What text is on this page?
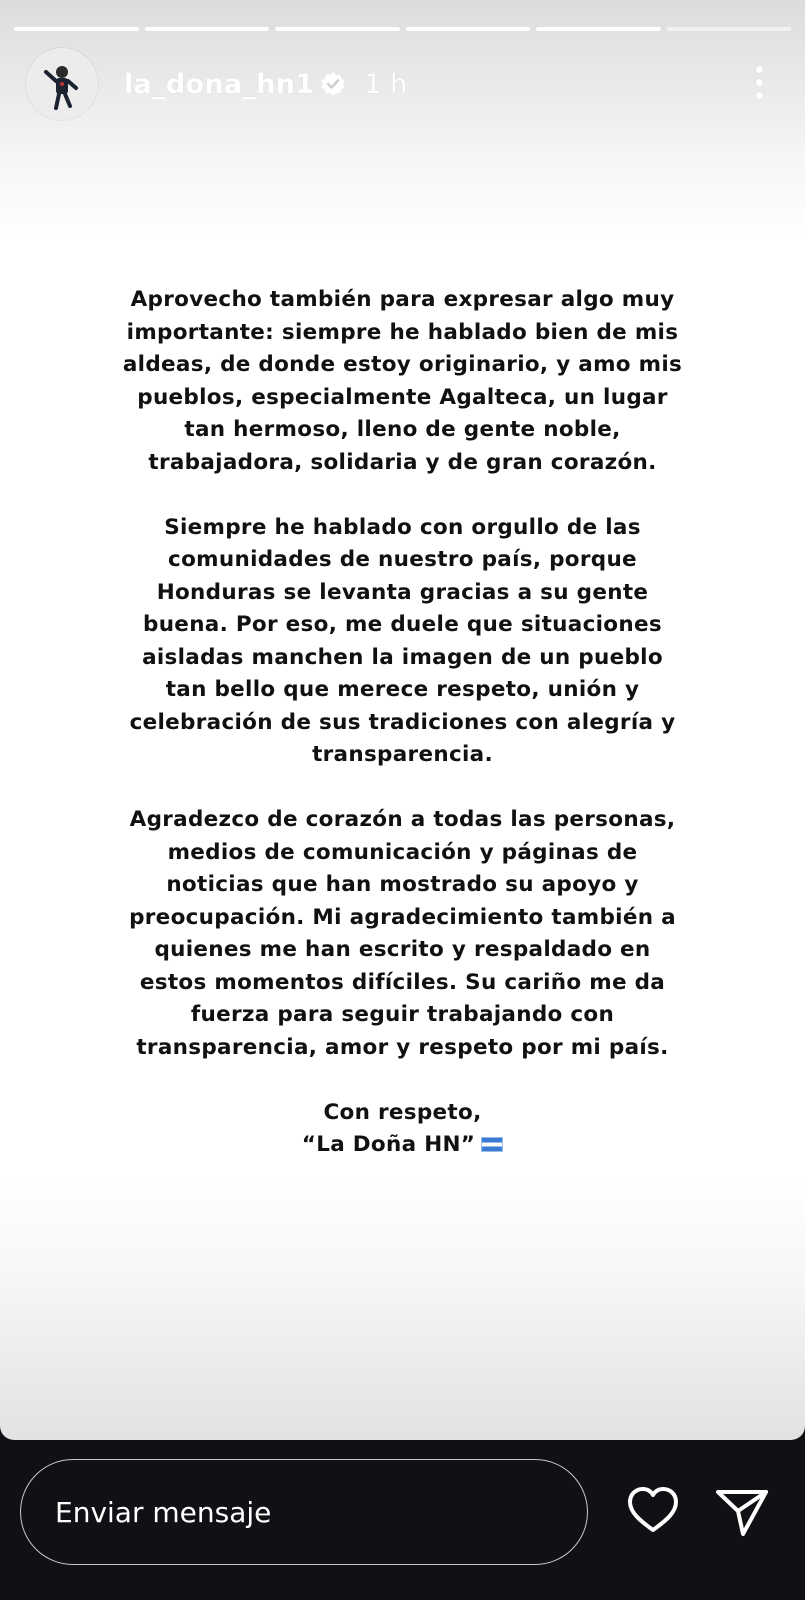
la_dona_hn1 1 h

Aprovecho también para expresar algo muy importante: siempre he hablado bien de mis aldeas, de donde estoy originario, y amo mis pueblos, especialmente Agalteca, un lugar tan hermoso, lleno de gente noble, trabajadora, solidaria y de gran corazón.

Siempre he hablado con orgullo de las comunidades de nuestro país, porque Honduras se levanta gracias a su gente buena. Por eso, me duele que situaciones aisladas manchen la imagen de un pueblo tan bello que merece respeto, unión y celebración de sus tradiciones con alegría y transparencia.

Agradezco de corazón a todas las personas, medios de comunicación y páginas de noticias que han mostrado su apoyo y preocupación. Mi agradecimiento también a quienes me han escrito y respaldado en estos momentos difíciles. Su cariño me da fuerza para seguir trabajando con transparencia, amor y respeto por mi país.

Con respeto,
“La Doña HN”
Enviar mensaje
